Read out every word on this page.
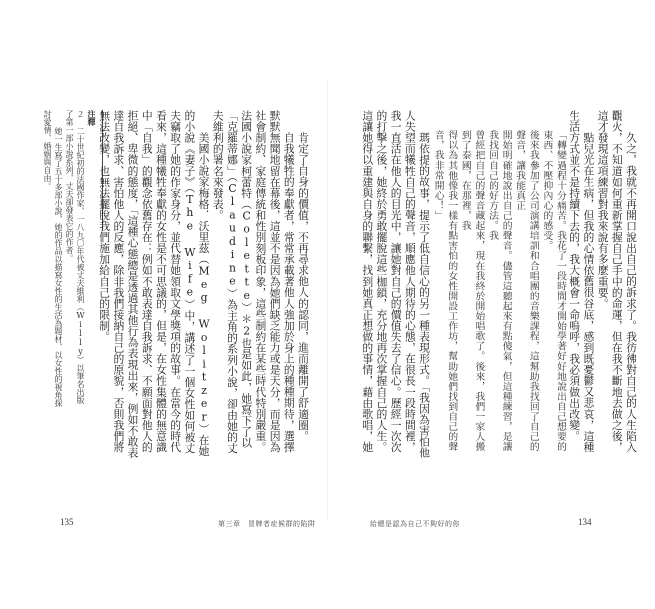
注釋
２ 二十世紀初的法國作家，一八九〇年代被丈夫維利（Willy）以筆名出版了第一部小說系列，丈夫卻發表它的作者。
　 她一生寫了五十多部小說，她的作品以描寫女性的生活為題材，以女性的視角探討愛情、婚姻與自由。	肯定了自身的價值，不再尋求他人的認同，進而離開了舒適圈。

自我犧牲的奉獻者，常常承載著他人強加於身上的種種期待，選擇默默無聞地留在幕後，這並不是因為她們缺乏能力或是天分，而是因為社會制約、家庭傳統和性別刻板印象，這些制約在某些時代特別嚴重。法國小說家柯蕾特（Colette）＊2也是如此，她寫下了以「克羅蒂娜」（Claudine）為主角的系列小說，卻由她的丈夫維利的署名來發表。

美國小說家梅格．沃里茲（Meg Wolitzer）在她的小說《妻子》（The Wife）中，講述了一個女性如何被丈夫竊取了她的作家身分，並代替她領取文學獎項的故事。在當今的時代看來，這種犧牲奉獻的女性是不可思議的，但是，在女性集體的無意識中「自我」的觀念依舊存在：例如不敢表達自我訴求、不願面對他人的拒絕、卑微的態度，「這種心態總是透過其他行為表現出來，例如不敢表達自我訴求、害怕他人的反應，除非我們接納自己的原貌，否則我們將無法改變，也無法擺脫我們施加給自己的限制。

135	第三章　冒牌者症候群的陷阱

久之，我就不再開口說出自己的訴求了。我彷彿對自己的人生陷入觀火，不知道如何重新掌握自己手中的命運，但在我不斷地去做之後，這才發現這項練習對我來說有多麼重要。

點兒光在生病，但我的心情依舊很谷底，感到既憂鬱又悲哀，這種生活方式並不是持續下去的，我大概會一命嗚呼，我必須做出改變。

「轉變過程十分痛苦。我花了一段時間才開始學著好好地說出自己想要的東西、不壓抑內心的感受。
後來我參加了公司演講培訓和合唱團的音樂課程，這幫助我找回了自己的聲音，讓我能真正
開始明確地說出自己的聲音。儘管這聽起來有點傻氣，但這種練習，是讓我找回自己的好方法。我
曾經把自己的聲音藏起來，現在我終於開始唱歌了。後來，我們一家人搬到了泰國，在那裡，我
得以為其他像我一樣有點害怕的女性開設工作坊，幫助她們找到自己的聲音，我非常開心！」

瑪依提的故事，提示了低自信心的另一種表現形式。「我因為害怕他人失望而犧牲自己的聲音，順應他人期待的心態，在很長一段時間裡，我一直活在他人的目光中，讓她對自己的價值失去了信心。歷經一次次的打擊之後，她終於勇敢擺脫這些枷鎖，充分地再次掌握自己的人生。這讓她得以重建與自身的聯繫，找到她真正想做的事情，藉由歌唱，她

給總是認為自己不夠好的你	134
